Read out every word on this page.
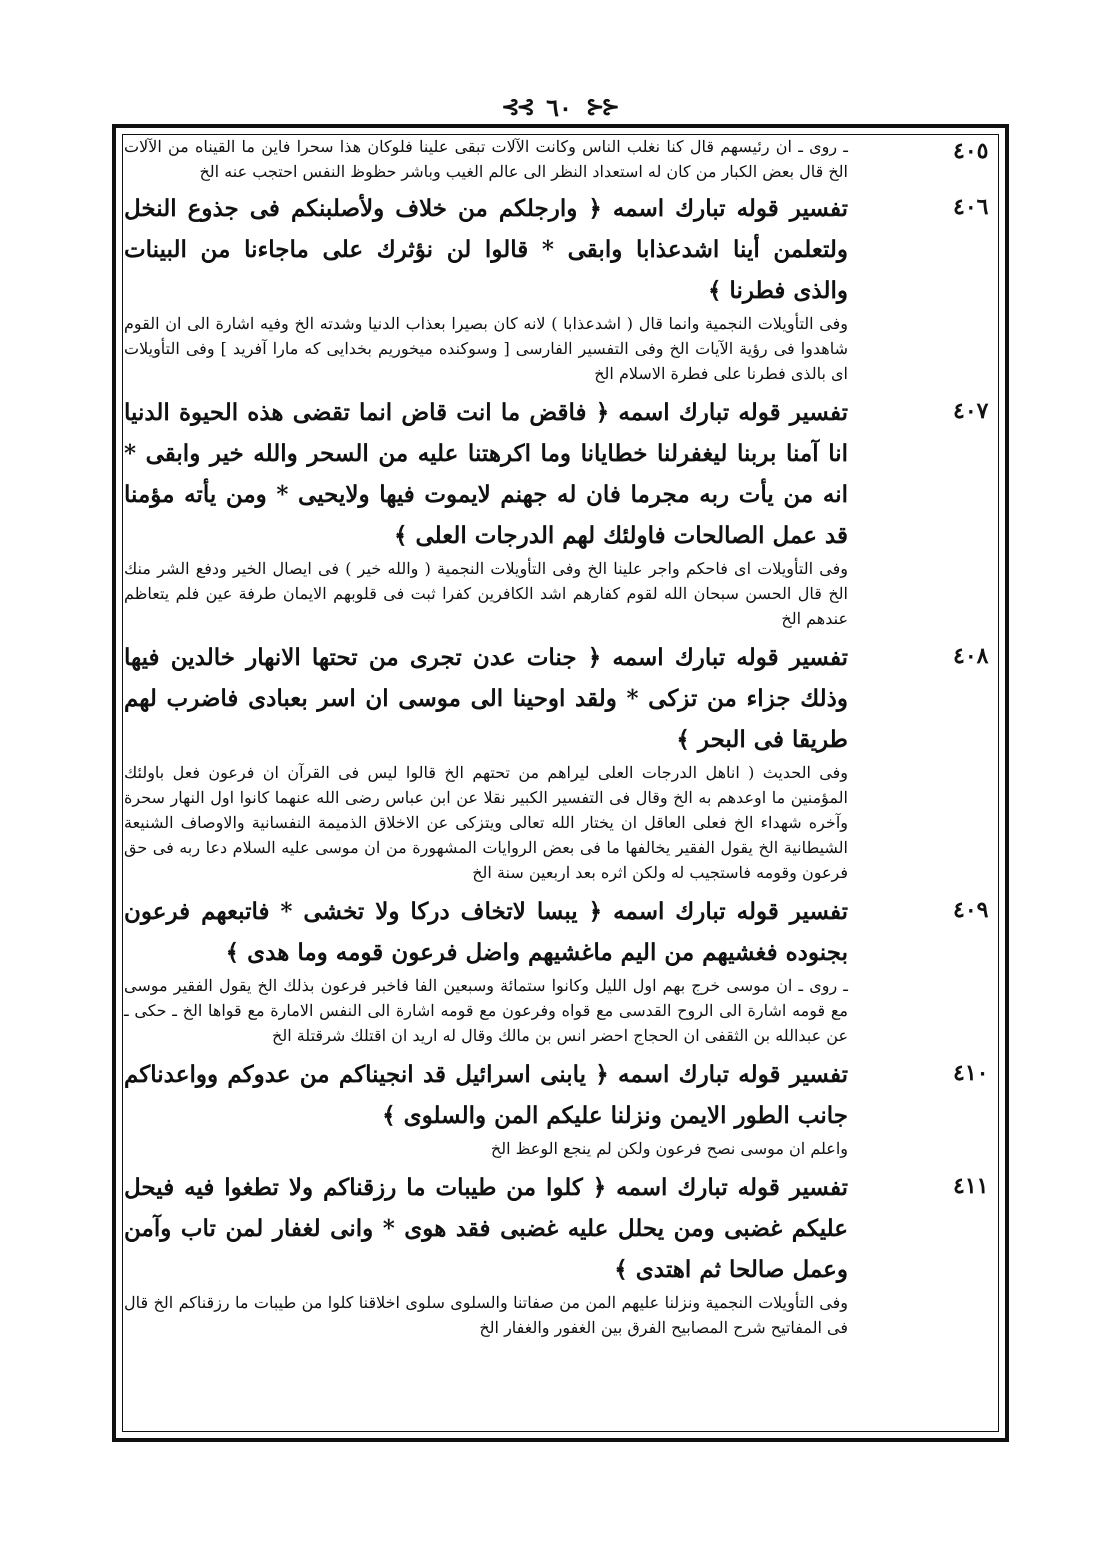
⊰⊰ ٦٠ ⊱⊱
٤٠٥

ـ روى ـ ان رئيسهم قال كنا نغلب الناس وكانت الآلات تبقى علينا فلوكان هذا سحرا فاين ما القيناه من الآلات الخ قال بعض الكبار من كان له استعداد النظر الى عالم الغيب وباشر حظوظ النفس احتجب عنه الخ

٤٠٦

تفسير قوله تبارك اسمه ﴿ وارجلكم من خلاف ولأصلبنكم فى جذوع النخل ولتعلمن أينا اشدعذابا وابقى * قالوا لن نؤثرك على ماجاءنا من البينات والذى فطرنا ﴾

وفى التأويلات النجمية وانما قال ( اشدعذابا ) لانه كان بصيرا بعذاب الدنيا وشدته الخ وفيه اشارة الى ان القوم شاهدوا فى رؤية الآيات الخ وفى التفسير الفارسى [ وسوكنده ميخوريم بخدايى كه مارا آفريد ] وفى التأويلات اى بالذى فطرنا على فطرة الاسلام الخ

٤٠٧

تفسير قوله تبارك اسمه ﴿ فاقض ما انت قاض انما تقضى هذه الحيوة الدنيا انا آمنا بربنا ليغفرلنا خطايانا وما اكرهتنا عليه من السحر والله خير وابقى * انه من يأت ربه مجرما فان له جهنم لايموت فيها ولايحيى * ومن يأته مؤمنا قد عمل الصالحات فاولئك لهم الدرجات العلى ﴾

وفى التأويلات اى فاحكم واجر علينا الخ وفى التأويلات النجمية ( والله خير ) فى ايصال الخير ودفع الشر منك الخ قال الحسن سبحان الله لقوم كفارهم اشد الكافرين كفرا ثبت فى قلوبهم الايمان طرفة عين فلم يتعاظم عندهم الخ

٤٠٨

تفسير قوله تبارك اسمه ﴿ جنات عدن تجرى من تحتها الانهار خالدين فيها وذلك جزاء من تزكى * ولقد اوحينا الى موسى ان اسر بعبادى فاضرب لهم طريقا فى البحر ﴾

وفى الحديث ( اناهل الدرجات العلى ليراهم من تحتهم الخ قالوا ليس فى القرآن ان فرعون فعل باولئك المؤمنين ما اوعدهم به الخ وقال فى التفسير الكبير نقلا عن ابن عباس رضى الله عنهما كانوا اول النهار سحرة وآخره شهداء الخ فعلى العاقل ان يختار الله تعالى ويتزكى عن الاخلاق الذميمة النفسانية والاوصاف الشنيعة الشيطانية الخ يقول الفقير يخالفها ما فى بعض الروايات المشهورة من ان موسى عليه السلام دعا ربه فى حق فرعون وقومه فاستجيب له ولكن اثره بعد اربعين سنة الخ

٤٠٩

تفسير قوله تبارك اسمه ﴿ يبسا لاتخاف دركا ولا تخشى * فاتبعهم فرعون بجنوده فغشيهم من اليم ماغشيهم واضل فرعون قومه وما هدى ﴾

ـ روى ـ ان موسى خرج بهم اول الليل وكانوا ستمائة وسبعين الفا فاخبر فرعون بذلك الخ يقول الفقير موسى مع قومه اشارة الى الروح القدسى مع قواه وفرعون مع قومه اشارة الى النفس الامارة مع قواها الخ ـ حكى ـ عن عبدالله بن الثقفى ان الحجاج احضر انس بن مالك وقال له اريد ان اقتلك شرقتلة الخ

٤١٠

تفسير قوله تبارك اسمه ﴿ يابنى اسرائيل قد انجيناكم من عدوكم وواعدناكم جانب الطور الايمن ونزلنا عليكم المن والسلوى ﴾

واعلم ان موسى نصح فرعون ولكن لم ينجع الوعظ الخ

٤١١

تفسير قوله تبارك اسمه ﴿ كلوا من طيبات ما رزقناكم ولا تطغوا فيه فيحل عليكم غضبى ومن يحلل عليه غضبى فقد هوى * وانى لغفار لمن تاب وآمن وعمل صالحا ثم اهتدى ﴾

وفى التأويلات النجمية ونزلنا عليهم المن من صفاتنا والسلوى سلوى اخلاقنا كلوا من طيبات ما رزقناكم الخ قال فى المفاتيح شرح المصابيح الفرق بين الغفور والغفار الخ
